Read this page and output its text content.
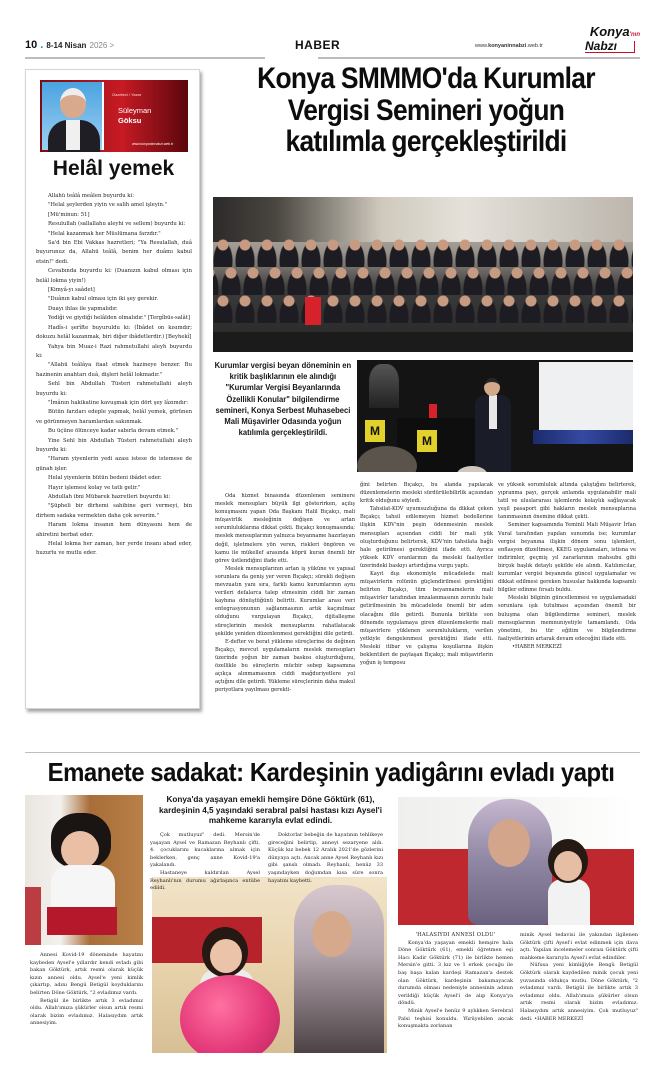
10 . 8-14 Nisan 2026 >	HABER	www.konyaninnabzi.web.tr
Konya'nın
Nabzı
Gazeteci / Yazar
Süleyman
Göksu
www.konyaninnabzi.web.tr
Helâl yemek

Allahü teâlâ meâlen buyurdu ki:

"Helal şeylerden yiyin ve salih amel işleyin."

[Mü'minun: 51]

Resulullah (sallallahu aleyhi ve sellem) buyurdu ki:

"Helal kazanmak her Müslümana farzdır."

Sa'd bin Ebi Vakkas hazretleri; "Ya Resulallah, duâ buyurunuz da, Allahü teâlâ, benim her duâmı kabul etsin!" dedi.

Cevabında buyurdu ki: (Duanızın kabul olması için helâl lokma yiyin!)

[Kimyâ-yı saâdet]

"Duânın kabul olması için iki şey gerekir.

Duayı ihlas ile yapmalıdır.

Yediği ve giydiği helâlden olmalıdır." [Tergîbüs-salât]

Hadîs-i şerîfte buyuruldu ki: (İbâdet on kısımdır; dokuzu helâl kazanmak, biri diğer ibâdetlerdir.) [Beyhekî]

Yahya bin Muaz-i Razi rahmetullahi aleyh buyurdu ki:

"Allahü teâlâya itaat etmek hazineye benzer. Bu hazinenin anahtarı duâ, dişleri helâl lokmadır."

Sehl bin Abdullah Tüsteri rahmetullahi aleyh buyurdu ki:

"İmânın hakikatine kavuşmak için dört şey lâzımdır:

Bütün farzları edeple yapmak, helâl yemek, görünen ve görünmeyen haramlardan sakınmak.

Bu üçüne ölünceye kadar sabırla devam etmek."

Yine Sehl bin Abdullah Tüsteri rahmetullahi aleyh buyurdu ki:

"Haram yiyenlerin yedi azası istese de istemese de günah işler.

Helal yiyenlerin bütün bedeni ibâdet eder.

Hayır işlemesi kolay ve tatlı gelir."

Abdullah ibni Mübarek hazretleri buyurdu ki:

"Şüpheli bir dirhemi sahibine geri vermeyi, bin dirhem sadaka vermekten daha çok severim."

Haram lokma insanın hem dünyasını hem de ahiretini berbat eder.

Helal lokma her zaman, her yerde insanı abad eder, huzurlu ve mutlu eder.

Konya SMMMO'da Kurumlar Vergisi Semineri yoğun katılımla gerçekleştirildi
Kurumlar vergisi beyan döneminin en kritik başlıklarının ele alındığı "Kurumlar Vergisi Beyanlarında Özellikli Konular" bilgilendirme semineri, Konya Serbest Muhasebeci Mali Müşavirler Odasında yoğun katılımla gerçekleştirildi.	M
M

Oda hizmet binasında düzenlenen seminere meslek mensupları büyük ilgi gösterirken, açılış konuşmasını yapan Oda Başkanı Halil Bıçakçı, mali müşavirlik mesleğinin değişen ve artan sorumluluklarına dikkat çekti. Bıçakçı konuşmasında; meslek mensuplarının yalnızca beyanname hazırlayan değil, işletmelere yön veren, riskleri öngören ve kamu ile mükellef arasında köprü kuran önemli bir görev üstlendiğini ifade etti.

Meslek mensuplarının artan iş yüküne ve yapısal sorunlara da geniş yer veren Bıçakçı; sürekli değişen mevzuatın yanı sıra, farklı kamu kurumlarının aynı verileri defalarca talep etmesinin ciddi bir zaman kaybına dönüştüğünü belirtti. Kurumlar arası veri entegrasyonunun sağlanmasının artık kaçınılmaz olduğunu vurgulayan Bıçakçı, dijitalleşme süreçlerinin meslek mensuplarını rahatlatacak şekilde yeniden düzenlenmesi gerektiğini dile getirdi.

E-defter ve berat yükleme süreçlerine de değinen Bıçakçı, mevcut uygulamaların meslek mensupları üzerinde yoğun bir zaman baskısı oluşturduğunu, özellikle bu süreçlerin mücbir sebep kapsamına açıkça alınmamasının ciddi mağduriyetlere yol açtığını dile getirdi. Yükleme süreçlerinin daha makul periyotlara yayılması gerekti-

ğini belirten Bıçakçı, bu alanda yapılacak düzenlemelerin mesleki sürdürülebilirlik açısından kritik olduğunu söyledi.

Tahsilat-KDV uyumsuzluğuna da dikkat çeken Bıçakçı; tahsil edilemeyen hizmet bedellerine ilişkin KDV'nin peşin ödenmesinin meslek mensupları açısından ciddi bir mali yük oluşturduğunu belirterek, KDV'nin tahsilata bağlı hale getirilmesi gerektiğini ifade etti. Ayrıca yüksek KDV oranlarının da mesleki faaliyetler üzerindeki baskıyı artırdığına vurgu yaptı.

Kayıt dışı ekonomiyle mücadelede mali müşavirlerin rolünün güçlendirilmesi gerektiğini belirten Bıçakçı, tüm beyannamelerin mali müşavirler tarafından imzalanmasının zorunlu hale getirilmesinin bu mücadelede önemli bir adım olacağını dile getirdi. Bununla birlikte son dönemde uygulamaya giren düzenlemelerde mali müşavirlere yüklenen sorumlulukların, verilen yetkiyle dengelenmesi gerektiğini ifade etti. Mesleki itibar ve çalışma koşullarına ilişkin beklentileri de paylaşan Bıçakçı; mali müşavirlerin yoğun iş temposu

ve yüksek sorumluluk altında çalıştığını belirterek, yıpranma payı, gerçek anlamda uygulanabilir mali tatil ve uluslararası işlemlerde kolaylık sağlayacak yeşil pasaport gibi hakların meslek mensuplarına tanınmasının önemine dikkat çekti.

Seminer kapsamında Yeminli Mali Müşavir İrfan Vural tarafından yapılan sunumda ise; kurumlar vergisi beyanına ilişkin dönem sonu işlemleri, enflasyon düzeltmesi, KKEG uygulamaları, istisna ve indirimler, geçmiş yıl zararlarının mahsubu gibi birçok başlık detaylı şekilde ele alındı. Katılımcılar, kurumlar vergisi beyanında güncel uygulamalar ve dikkat edilmesi gereken hususlar hakkında kapsamlı bilgiler edinme fırsatı buldu.

Mesleki bilginin güncellenmesi ve uygulamadaki sorunlara ışık tutulması açısından önemli bir buluşma olan bilgilendirme semineri, meslek mensuplarının memnuniyetiyle tamamlandı. Oda yönetimi, bu tür eğitim ve bilgilendirme faaliyetlerinin artarak devam edeceğini ifade etti.

•HABER MERKEZİ
Emanete sadakat: Kardeşinin yadigârını evladı yaptı
Konya'da yaşayan emekli hemşire Döne Göktürk (61), kardeşinin 4,5 yaşındaki serabral palsi hastası kızı Aysel'i mahkeme kararıyla evlat edindi.

Çok mutluyuz" dedi. Mersin'de yaşayan Aysel ve Ramazan Reyhanlı çifti, 4. çocuklarını kucaklarına almak için beklerken, genç anne Kovid-19'a yakalandı.

Hastaneye kaldırılan Aysel Reyhanlı'nın durumu ağırlaşınca entübe edildi.

Doktorlar bebeğin de hayatının tehlikeye gireceğini belirtip, anneyi sezaryene aldı. Küçük kız bebek 12 Aralık 2021'de gözlerini dünyaya açtı. Ancak anne Aysel Reyhanlı kızı gibi şanslı olmadı. Reyhanlı, henüz 33 yaşındayken doğumdan kısa süre sonra hayatını kaybetti.

Annesi Kovid-19 döneminde hayatını kaybeden Aysel'e yıllardır kendi evladı gibi bakan Göktürk, artık resmi olarak küçük kızın annesi oldu. Aysel'e yeni kimlik çıkartıp, adını Bengü Betigül koyduklarını belirten Döne Göktürk, "2 evladımız vardı.

Betigül ile birlikte artık 3 evladımız oldu. Allah'ımıza şükürler olsun artık resmi olarak bizim evladımız. Halasıydım artık annesiyim.

'HALASIYDI ANNESİ OLDU'

Konya'da yaşayan emekli hemşire hala Döne Göktürk (61), emekli öğretmen eşi Hacı Kadir Göktürk (71) ile birlikte hemen Mersin'e gitti. 3 kız ve 1 erkek çocuğu ile baş başa kalan kardeşi Ramazan'a destek olan Göktürk, kardeşinin bakamayacak durumda olması nedeniyle annesinin adının verildiği küçük Aysel'i de alıp Konya'ya döndü.

Minik Aysel'e henüz 9 aylıkken Serebral Palsi teşhisi konuldu. Yürüyebilen ancak konuşmakta zorlanan

minik Aysel tedavisi ile yakından ilgilenen Göktürk çifti Aysel'i evlat edinmek için dava açtı. Yapılan incelemeler sonrası Göktürk çifti mahkeme kararıyla Aysel'i evlat edindiler.

Nüfusa yeni kimliğiyle Bengü Betigül Göktürk olarak kaydedilen minik çocuk yeni yuvasında oldukça mutlu. Döne Göktürk, "2 evladımız vardı. Betigül ile birlikte artık 3 evladımız oldu. Allah'ımıza şükürler olsun artık resmi olarak bizim evladımız. Halasıydım artık annesiyim. Çok mutluyuz" dedi. •HABER MERKEZİ
